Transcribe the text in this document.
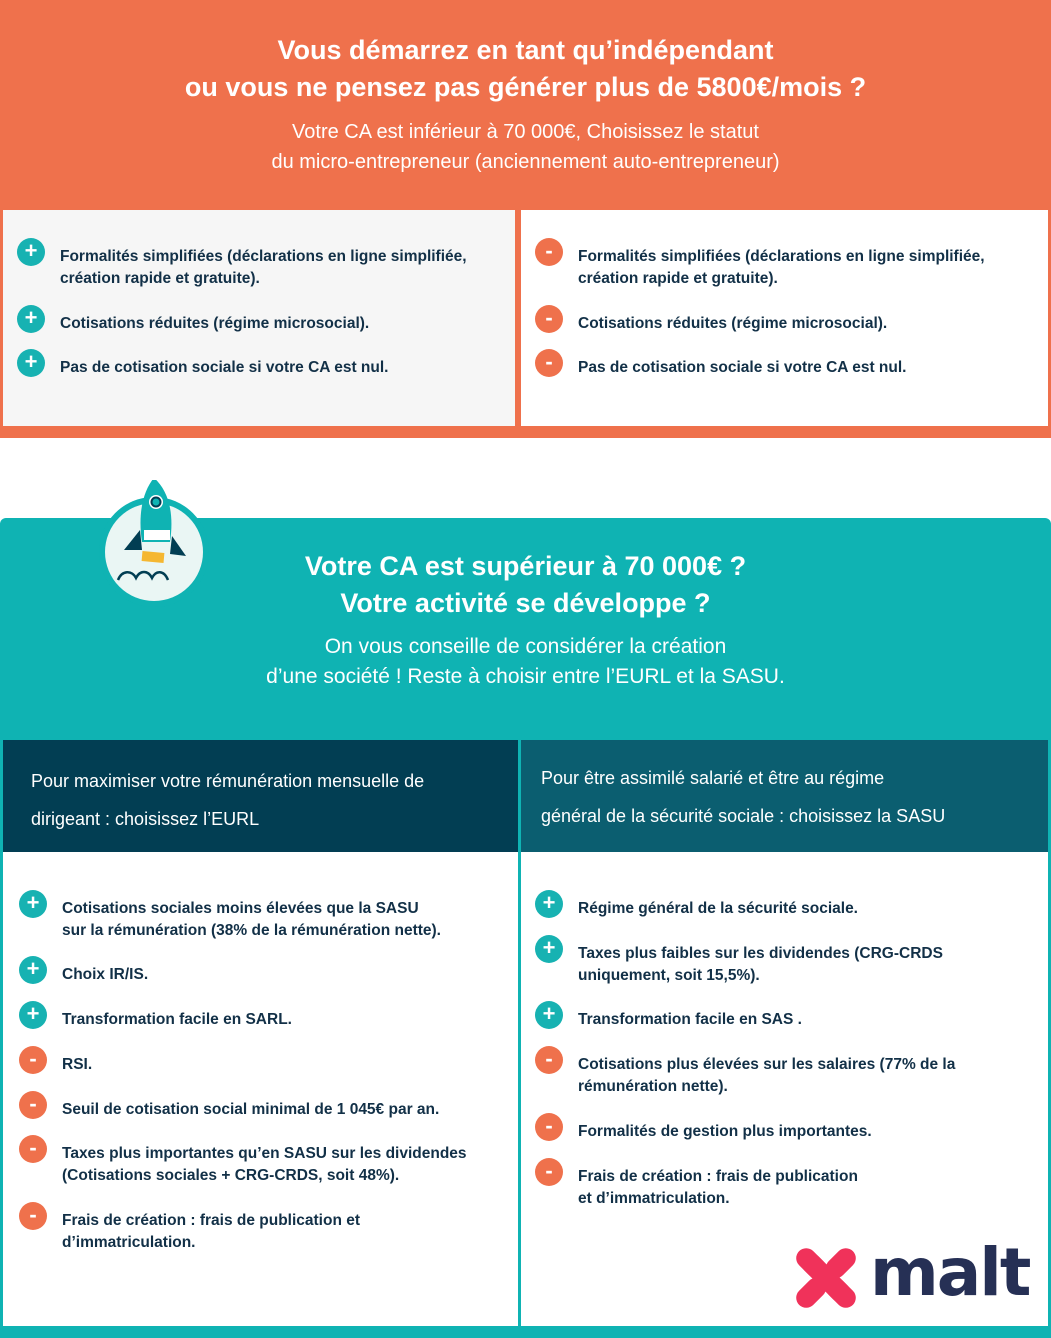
Vous démarrez en tant qu’indépendant
ou vous ne pensez pas générer plus de 5800€/mois ?
Votre CA est inférieur à 70 000€, Choisissez le statut
du micro-entrepreneur (anciennement auto-entrepreneur)
+ Formalités simplifiées (déclarations en ligne simplifiée,
création rapide et gratuite).
+ Cotisations réduites (régime microsocial).
+ Pas de cotisation sociale si votre CA est nul.
- Formalités simplifiées (déclarations en ligne simplifiée,
création rapide et gratuite).
- Cotisations réduites (régime microsocial).
- Pas de cotisation sociale si votre CA est nul.
Votre CA est supérieur à 70 000€ ?
Votre activité se développe ?
On vous conseille de considérer la création
d’une société ! Reste à choisir entre l’EURL et la SASU.
Pour maximiser votre rémunération mensuelle de
dirigeant : choisissez l’EURL
Pour être assimilé salarié et être au régime
général de la sécurité sociale : choisissez la SASU
+ Cotisations sociales moins élevées que la SASU
sur la rémunération (38% de la rémunération nette).
+ Choix IR/IS.
+ Transformation facile en SARL.
- RSI.
- Seuil de cotisation social minimal de 1 045€ par an.
- Taxes plus importantes qu’en SASU sur les dividendes
(Cotisations sociales + CRG-CRDS, soit 48%).
- Frais de création : frais de publication et
d’immatriculation.
+ Régime général de la sécurité sociale.
+ Taxes plus faibles sur les dividendes (CRG-CRDS
uniquement, soit 15,5%).
+ Transformation facile en SAS .
- Cotisations plus élevées sur les salaires (77% de la
rémunération nette).
- Formalités de gestion plus importantes.
- Frais de création : frais de publication
et d’immatriculation.
malt
